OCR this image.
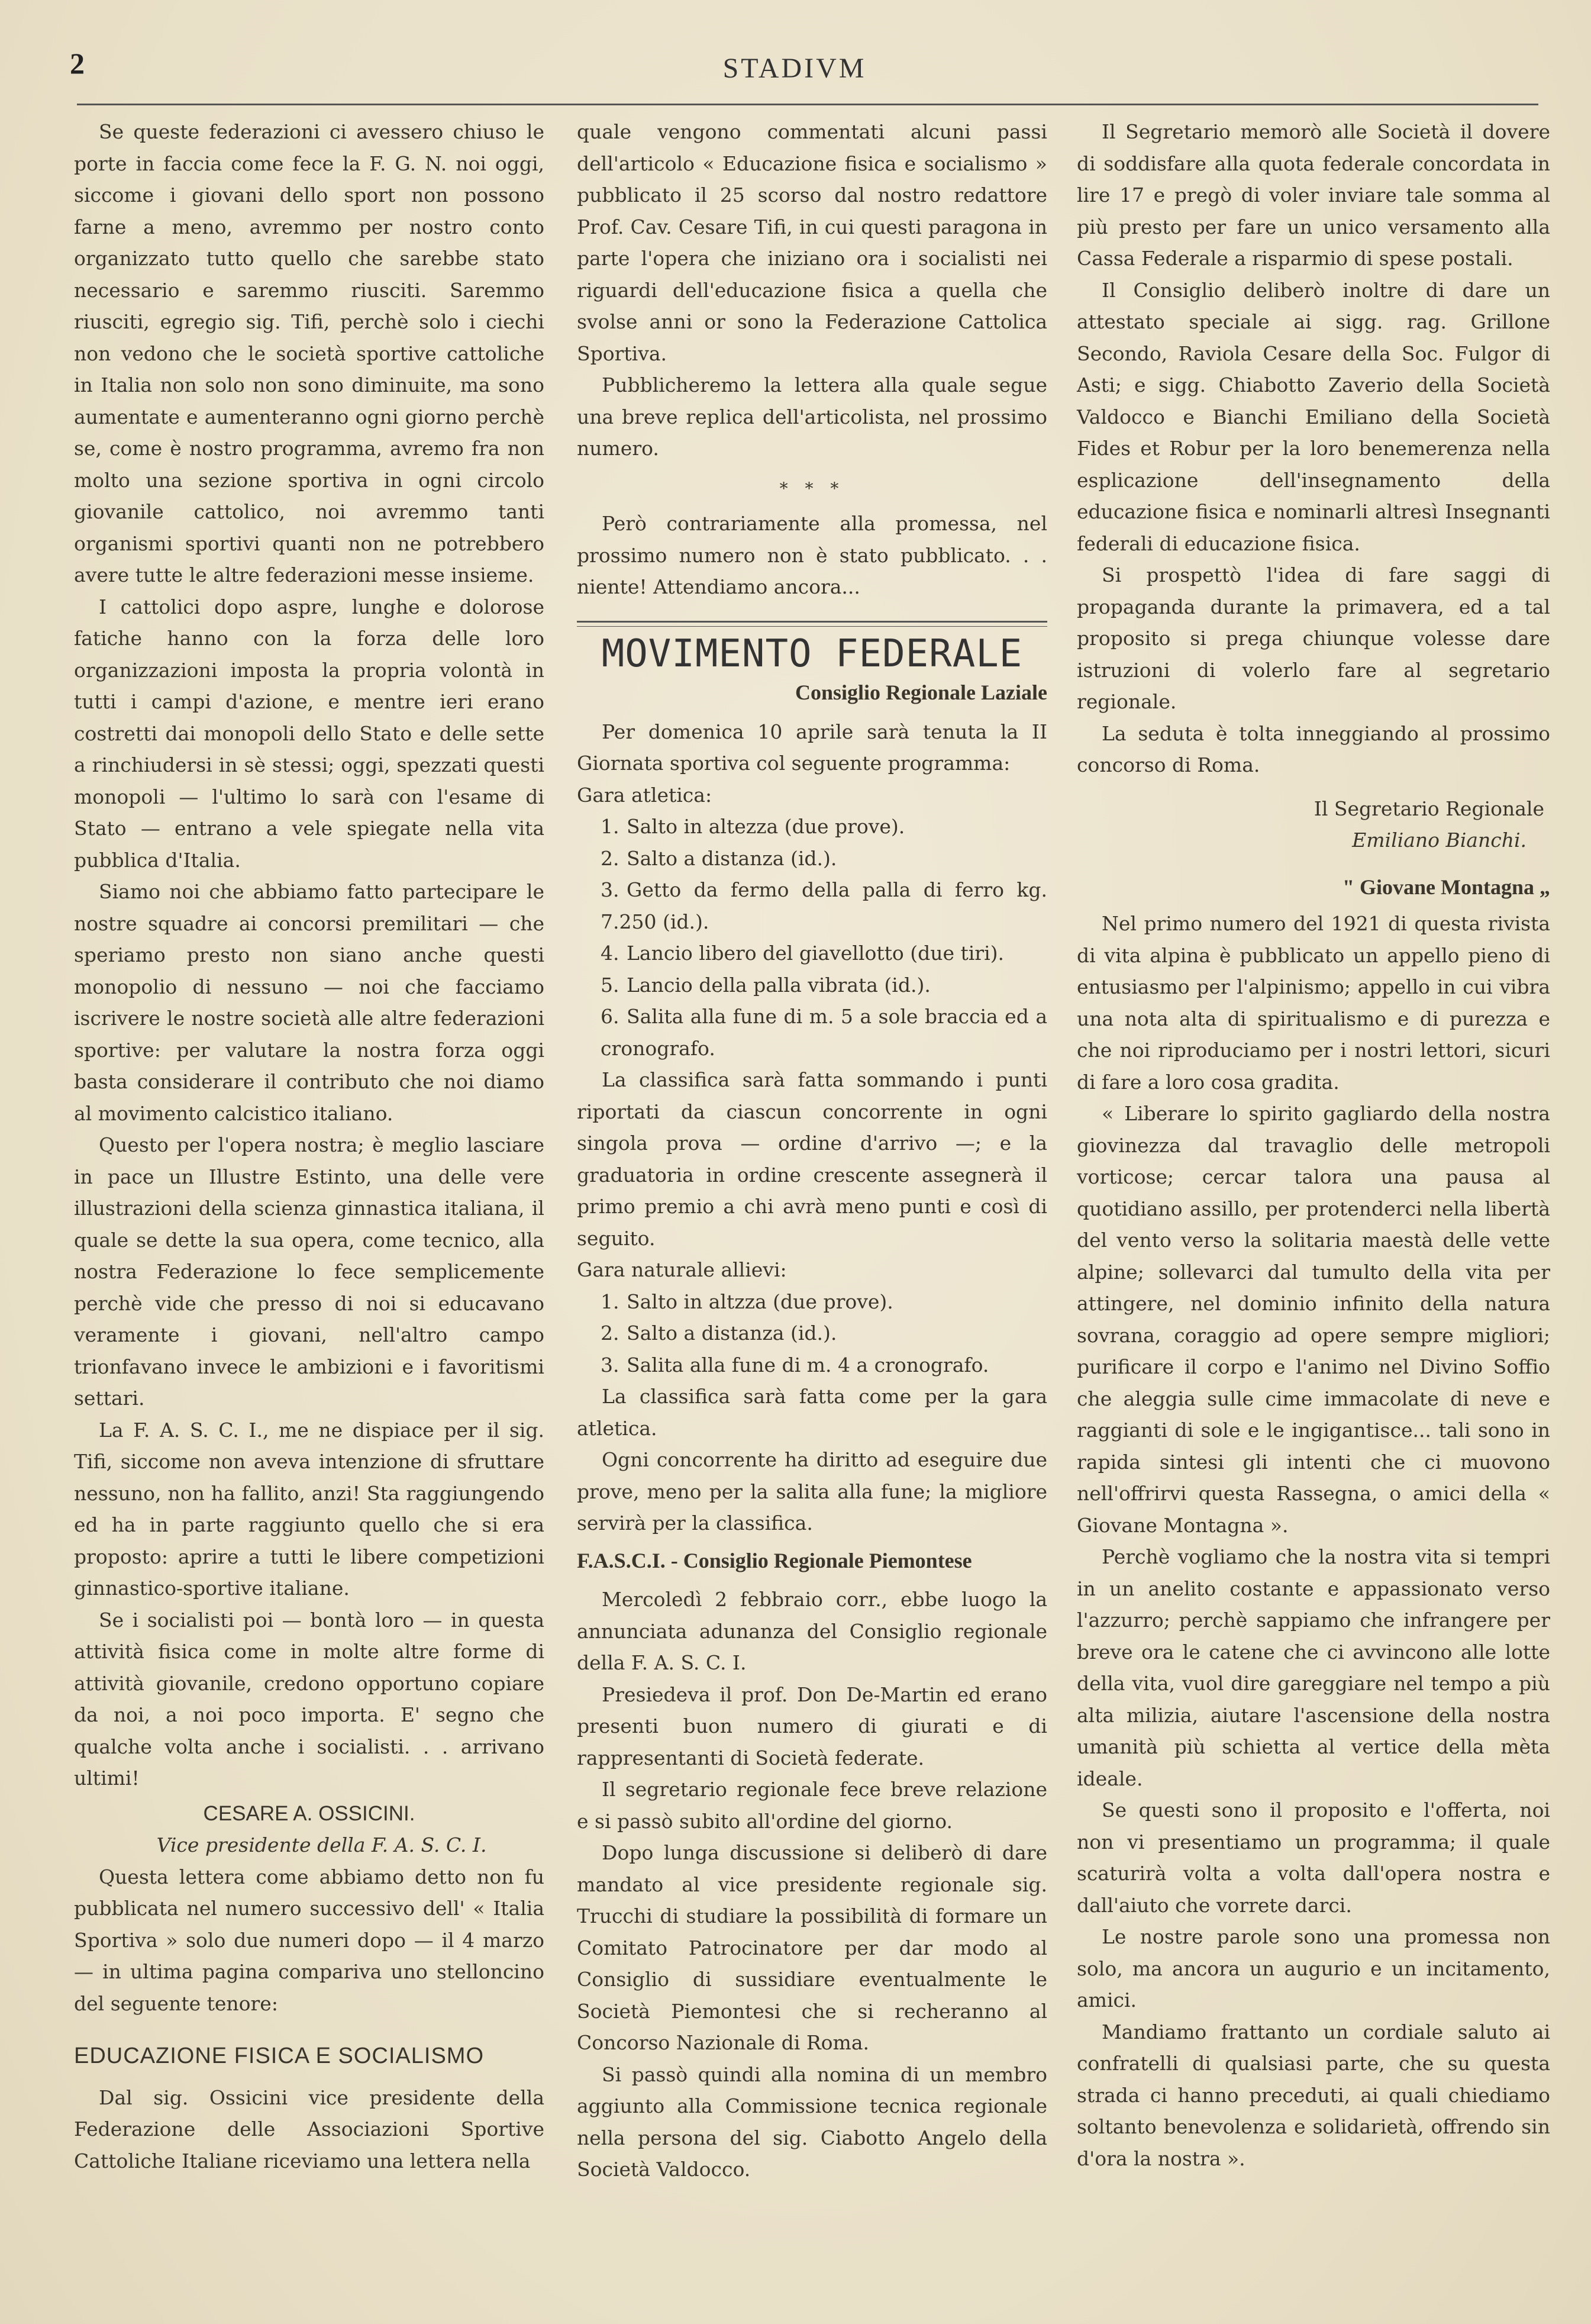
2	STADIVM

Se queste federazioni ci avessero chiuso le porte in faccia come fece la F. G. N. noi oggi, siccome i giovani dello sport non possono farne a meno, avremmo per nostro conto organizzato tutto quello che sarebbe stato necessario e saremmo riusciti. Saremmo riusciti, egregio sig. Tifi, perchè solo i ciechi non vedono che le società sportive cattoliche in Italia non solo non sono diminuite, ma sono aumentate e aumenteranno ogni giorno perchè se, come è nostro programma, avremo fra non molto una sezione sportiva in ogni circolo giovanile cattolico, noi avremmo tanti organismi sportivi quanti non ne potrebbero avere tutte le altre federazioni messe insieme.

I cattolici dopo aspre, lunghe e dolorose fatiche hanno con la forza delle loro organizzazioni imposta la propria volontà in tutti i campi d'azione, e mentre ieri erano costretti dai monopoli dello Stato e delle sette a rinchiudersi in sè stessi; oggi, spezzati questi monopoli — l'ultimo lo sarà con l'esame di Stato — entrano a vele spiegate nella vita pubblica d'Italia.

Siamo noi che abbiamo fatto partecipare le nostre squadre ai concorsi premilitari — che speriamo presto non siano anche questi monopolio di nessuno — noi che facciamo iscrivere le nostre società alle altre federazioni sportive: per valutare la nostra forza oggi basta considerare il contributo che noi diamo al movimento calcistico italiano.

Questo per l'opera nostra; è meglio lasciare in pace un Illustre Estinto, una delle vere illustrazioni della scienza ginnastica italiana, il quale se dette la sua opera, come tecnico, alla nostra Federazione lo fece semplicemente perchè vide che presso di noi si educavano veramente i giovani, nell'altro campo trionfavano invece le ambizioni e i favoritismi settari.

La F. A. S. C. I., me ne dispiace per il sig. Tifi, siccome non aveva intenzione di sfruttare nessuno, non ha fallito, anzi! Sta raggiungendo ed ha in parte raggiunto quello che si era proposto: aprire a tutti le libere competizioni ginnastico-sportive italiane.

Se i socialisti poi — bontà loro — in questa attività fisica come in molte altre forme di attività giovanile, credono opportuno copiare da noi, a noi poco importa. E' segno che qualche volta anche i socialisti. . . arrivano ultimi!

CESARE A. OSSICINI.

Vice presidente della F. A. S. C. I.

Questa lettera come abbiamo detto non fu pubblicata nel numero successivo dell' « Italia Sportiva » solo due numeri dopo — il 4 marzo — in ultima pagina compariva uno stelloncino del seguente tenore:

EDUCAZIONE FISICA E SOCIALISMO

Dal sig. Ossicini vice presidente della Federazione delle Associazioni Sportive Cattoliche Italiane riceviamo una lettera nella

quale vengono commentati alcuni passi dell'articolo « Educazione fisica e socialismo » pubblicato il 25 scorso dal nostro redattore Prof. Cav. Cesare Tifi, in cui questi paragona in parte l'opera che iniziano ora i socialisti nei riguardi dell'educazione fisica a quella che svolse anni or sono la Federazione Cattolica Sportiva.

Pubblicheremo la lettera alla quale segue una breve replica dell'articolista, nel prossimo numero.

* * *

Però contrariamente alla promessa, nel prossimo numero non è stato pubblicato. . . niente! Attendiamo ancora...

MOVIMENTO FEDERALE
Consiglio Regionale Laziale

Per domenica 10 aprile sarà tenuta la II Giornata sportiva col seguente programma:

Gara atletica:

1. Salto in altezza (due prove).
2. Salto a distanza (id.).
3. Getto da fermo della palla di ferro kg. 7.250 (id.).
4. Lancio libero del giavellotto (due tiri).
5. Lancio della palla vibrata (id.).
6. Salita alla fune di m. 5 a sole braccia ed a cronografo.

La classifica sarà fatta sommando i punti riportati da ciascun concorrente in ogni singola prova — ordine d'arrivo —; e la graduatoria in ordine crescente assegnerà il primo premio a chi avrà meno punti e così di seguito.

Gara naturale allievi:

1. Salto in altzza (due prove).
2. Salto a distanza (id.).
3. Salita alla fune di m. 4 a cronografo.

La classifica sarà fatta come per la gara atletica.

Ogni concorrente ha diritto ad eseguire due prove, meno per la salita alla fune; la migliore servirà per la classifica.

F.A.S.C.I. - Consiglio Regionale Piemontese

Mercoledì 2 febbraio corr., ebbe luogo la annunciata adunanza del Consiglio regionale della F. A. S. C. I.

Presiedeva il prof. Don De-Martin ed erano presenti buon numero di giurati e di rappresentanti di Società federate.

Il segretario regionale fece breve relazione e si passò subito all'ordine del giorno.

Dopo lunga discussione si deliberò di dare mandato al vice presidente regionale sig. Trucchi di studiare la possibilità di formare un Comitato Patrocinatore per dar modo al Consiglio di sussidiare eventualmente le Società Piemontesi che si recheranno al Concorso Nazionale di Roma.

Si passò quindi alla nomina di un membro aggiunto alla Commissione tecnica regionale nella persona del sig. Ciabotto Angelo della Società Valdocco.

Il Segretario memorò alle Società il dovere di soddisfare alla quota federale concordata in lire 17 e pregò di voler inviare tale somma al più presto per fare un unico versamento alla Cassa Federale a risparmio di spese postali.

Il Consiglio deliberò inoltre di dare un attestato speciale ai sigg. rag. Grillone Secondo, Raviola Cesare della Soc. Fulgor di Asti; e sigg. Chiabotto Zaverio della Società Valdocco e Bianchi Emiliano della Società Fides et Robur per la loro benemerenza nella esplicazione dell'insegnamento della educazione fisica e nominarli altresì Insegnanti federali di educazione fisica.

Si prospettò l'idea di fare saggi di propaganda durante la primavera, ed a tal proposito si prega chiunque volesse dare istruzioni di volerlo fare al segretario regionale.

La seduta è tolta inneggiando al prossimo concorso di Roma.

Il Segretario Regionale

Emiliano Bianchi.

" Giovane Montagna „

Nel primo numero del 1921 di questa rivista di vita alpina è pubblicato un appello pieno di entusiasmo per l'alpinismo; appello in cui vibra una nota alta di spiritualismo e di purezza e che noi riproduciamo per i nostri lettori, sicuri di fare a loro cosa gradita.

« Liberare lo spirito gagliardo della nostra giovinezza dal travaglio delle metropoli vorticose; cercar talora una pausa al quotidiano assillo, per protenderci nella libertà del vento verso la solitaria maestà delle vette alpine; sollevarci dal tumulto della vita per attingere, nel dominio infinito della natura sovrana, coraggio ad opere sempre migliori; purificare il corpo e l'animo nel Divino Soffio che aleggia sulle cime immacolate di neve e raggianti di sole e le ingigantisce... tali sono in rapida sintesi gli intenti che ci muovono nell'offrirvi questa Rassegna, o amici della « Giovane Montagna ».

Perchè vogliamo che la nostra vita si tempri in un anelito costante e appassionato verso l'azzurro; perchè sappiamo che infrangere per breve ora le catene che ci avvincono alle lotte della vita, vuol dire gareggiare nel tempo a più alta milizia, aiutare l'ascensione della nostra umanità più schietta al vertice della mèta ideale.

Se questi sono il proposito e l'offerta, noi non vi presentiamo un programma; il quale scaturirà volta a volta dall'opera nostra e dall'aiuto che vorrete darci.

Le nostre parole sono una promessa non solo, ma ancora un augurio e un incitamento, amici.

Mandiamo frattanto un cordiale saluto ai confratelli di qualsiasi parte, che su questa strada ci hanno preceduti, ai quali chiediamo soltanto benevolenza e solidarietà, offrendo sin d'ora la nostra ».
